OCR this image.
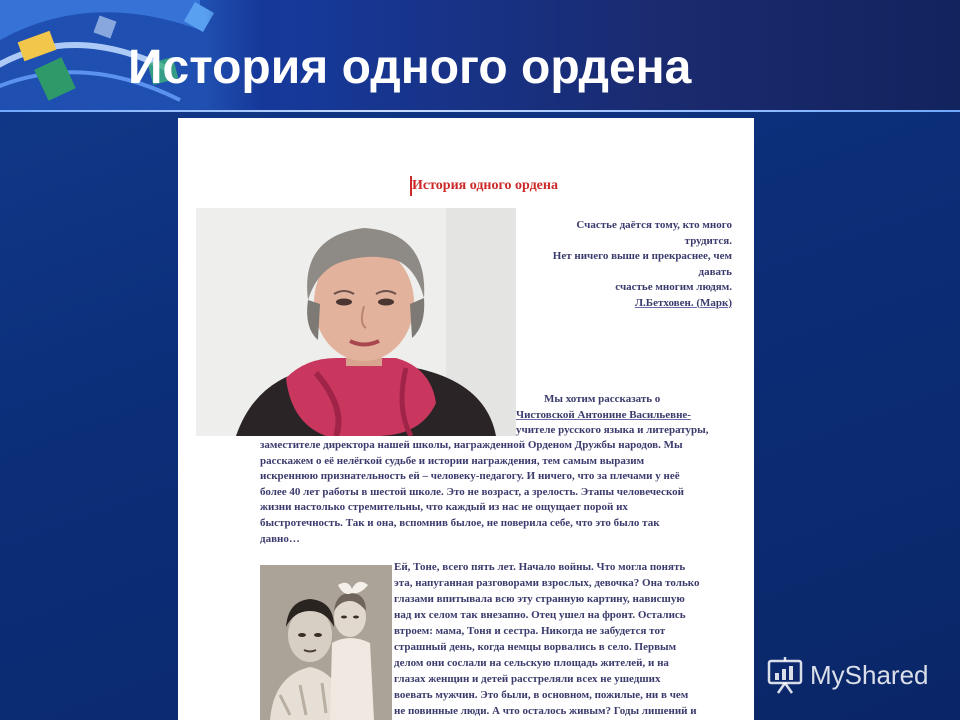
История одного ордена
История одного ордена
Счастье даётся тому, кто много
трудится.
Нет ничего выше и прекраснее, чем
давать
счастье многим людям.
Л.Бетховен. (Марк)
Мы хотим рассказать о
Чистовской Антонине Васильевне-
учителе русского языка и литературы,
заместителе директора нашей школы, награжденной Орденом Дружбы народов. Мы
расскажем о её нелёгкой судьбе и истории награждения, тем самым выразим
искреннюю признательность ей – человеку-педагогу. И ничего, что за плечами у неё
более 40 лет работы в шестой школе. Это не возраст, а зрелость. Этапы человеческой
жизни настолько стремительны, что каждый из нас не ощущает порой их
быстротечность. Так и она, вспомнив былое, не поверила себе, что это было так
давно…
Ей, Тоне, всего пять лет. Начало войны. Что могла понять
эта, напуганная разговорами взрослых, девочка? Она только
глазами впитывала всю эту странную картину, нависшую
над их селом так внезапно. Отец ушел на фронт. Остались
втроем: мама, Тоня и сестра. Никогда не забудется тот
страшный день, когда немцы ворвались в село. Первым
делом они сослали на сельскую площадь жителей, и на
глазах женщин и детей расстреляли всех не ушедших
воевать мужчин. Это были, в основном, пожилые, ни в чем
не повинные люди. А что осталось живым? Годы лишений и
MyShared
